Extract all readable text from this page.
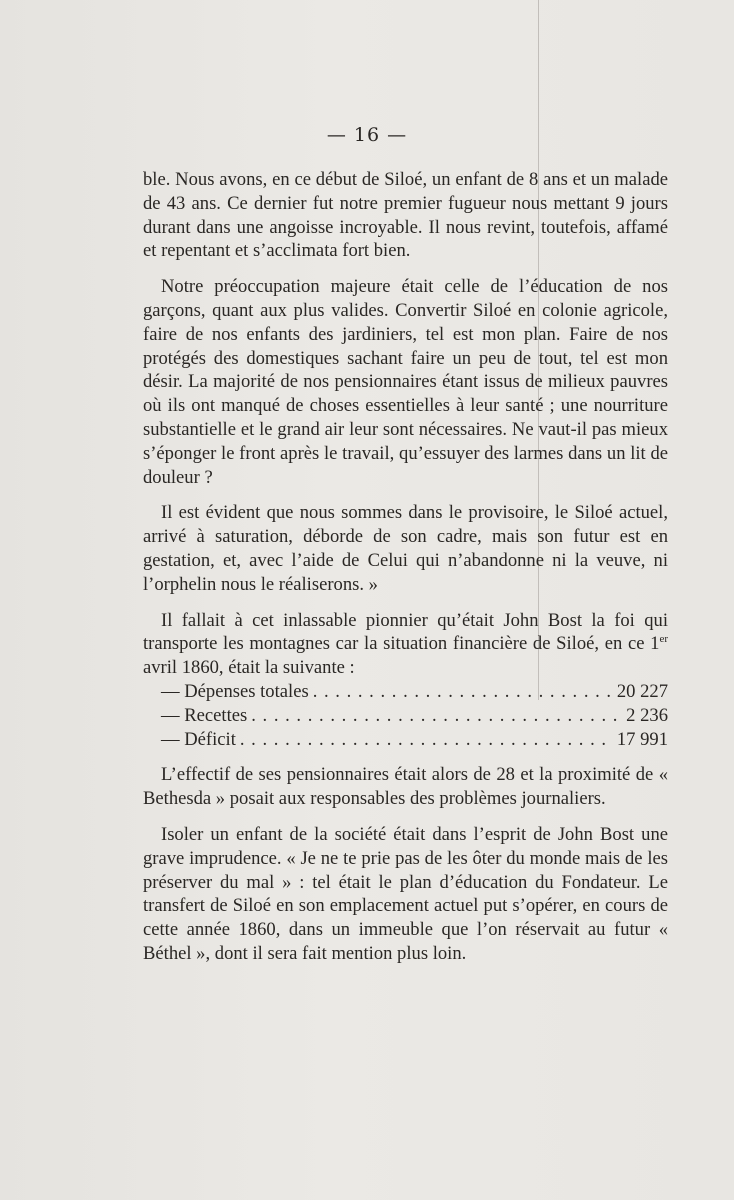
— 16 —

ble. Nous avons, en ce début de Siloé, un enfant de 8 ans et un malade de 43 ans. Ce dernier fut notre premier fugueur nous mettant 9 jours durant dans une angoisse incroyable. Il nous revint, toutefois, affamé et repentant et s’acclimata fort bien.

Notre préoccupation majeure était celle de l’éducation de nos garçons, quant aux plus valides. Convertir Siloé en colonie agricole, faire de nos enfants des jardiniers, tel est mon plan. Faire de nos protégés des domestiques sachant faire un peu de tout, tel est mon désir. La majorité de nos pensionnaires étant issus de milieux pauvres où ils ont manqué de choses essentielles à leur santé ; une nourriture substantielle et le grand air leur sont nécessaires. Ne vaut-il pas mieux s’éponger le front après le travail, qu’essuyer des larmes dans un lit de douleur ?

Il est évident que nous sommes dans le provisoire, le Siloé actuel, arrivé à saturation, déborde de son cadre, mais son futur est en gestation, et, avec l’aide de Celui qui n’abandonne ni la veuve, ni l’orphelin nous le réaliserons. »

Il fallait à cet inlassable pionnier qu’était John Bost la foi qui transporte les montagnes car la situation financière de Siloé, en ce 1er avril 1860, était la suivante :

— Dépenses totales . . .	20 227
— Recettes . . .	2 236
— Déficit . . .	17 991

L’effectif de ses pensionnaires était alors de 28 et la proximité de « Bethesda » posait aux responsables des problèmes journaliers.

Isoler un enfant de la société était dans l’esprit de John Bost une grave imprudence. « Je ne te prie pas de les ôter du monde mais de les préserver du mal » : tel était le plan d’éducation du Fondateur. Le transfert de Siloé en son emplacement actuel put s’opérer, en cours de cette année 1860, dans un immeuble que l’on réservait au futur « Béthel », dont il sera fait mention plus loin.
